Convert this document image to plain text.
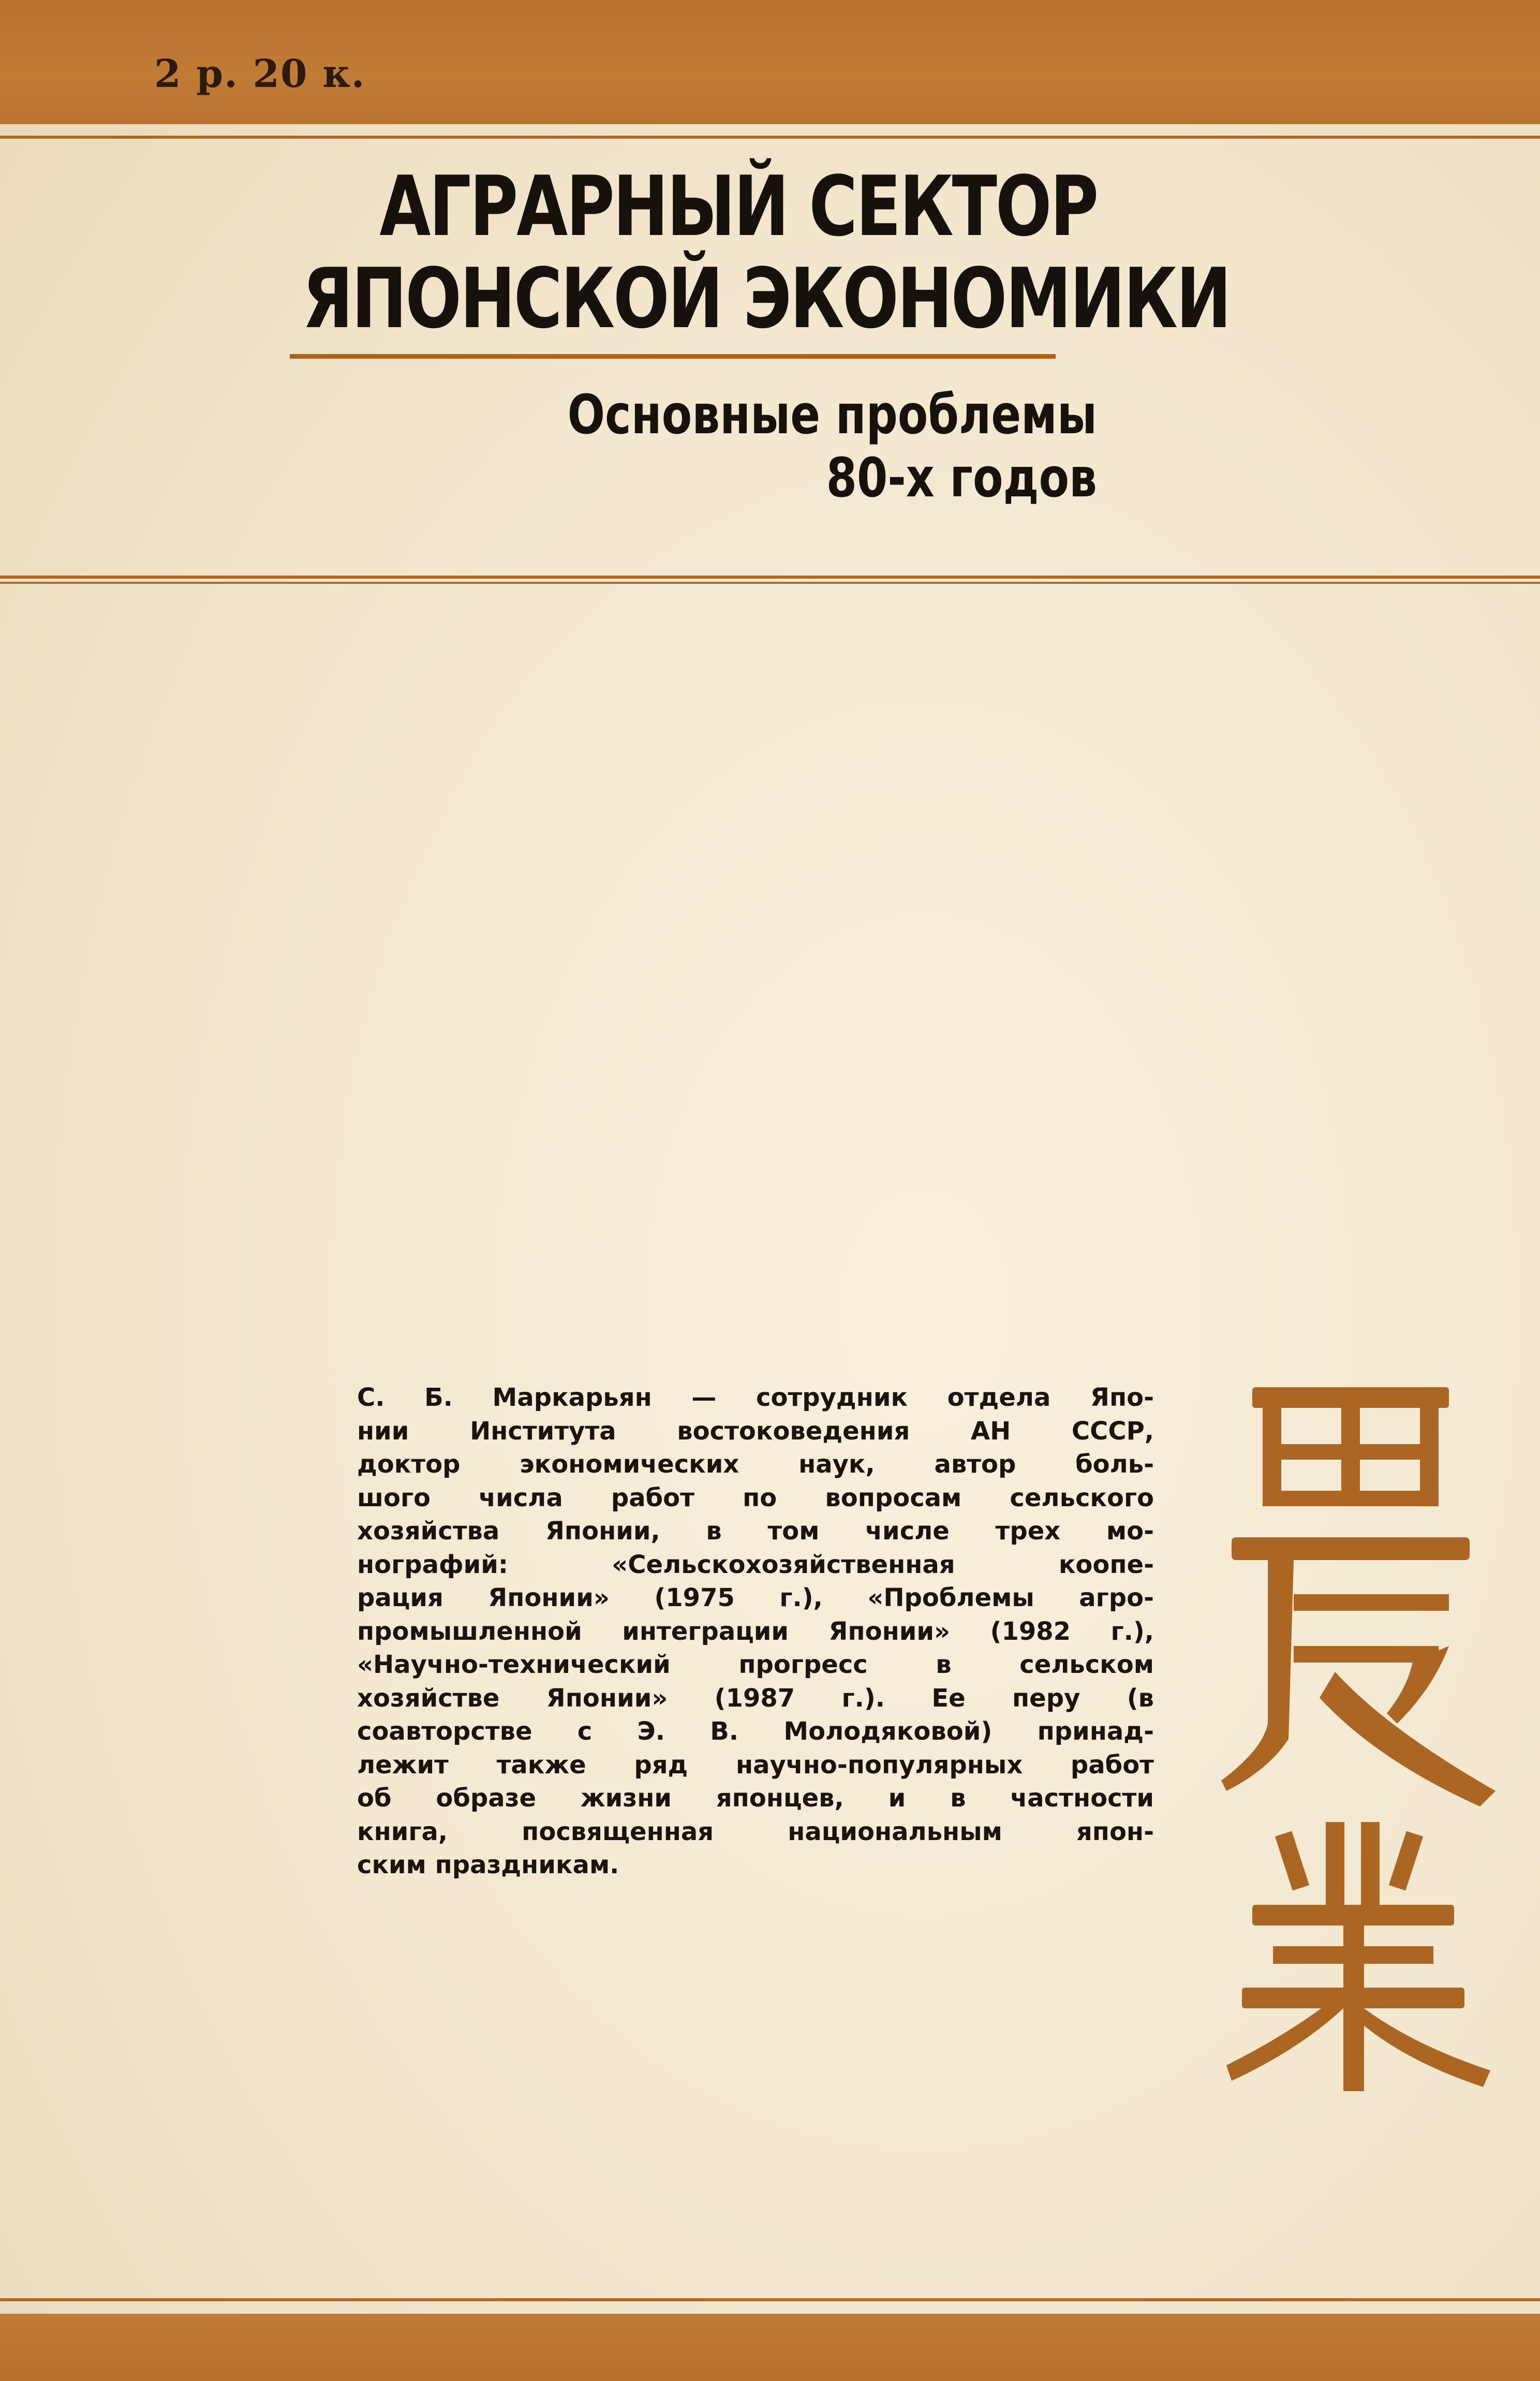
2 р. 20 к.
АГРАРНЫЙ СЕКТОР
ЯПОНСКОЙ ЭКОНОМИКИ
Основные проблемы
80-х годов
С. Б. Маркарьян — сотрудник отдела Япо-
нии Института востоковедения АН СССР,
доктор экономических наук, автор боль-
шого числа работ по вопросам сельского
хозяйства Японии, в том числе трех мо-
нографий: «Сельскохозяйственная коопе-
рация Японии» (1975 г.), «Проблемы агро-
промышленной интеграции Японии» (1982 г.),
«Научно-технический прогресс в сельском
хозяйстве Японии» (1987 г.). Ее перу (в
соавторстве с Э. В. Молодяковой) принад-
лежит также ряд научно-популярных работ
об образе жизни японцев, и в частности
книга, посвященная национальным япон-
ским праздникам.
